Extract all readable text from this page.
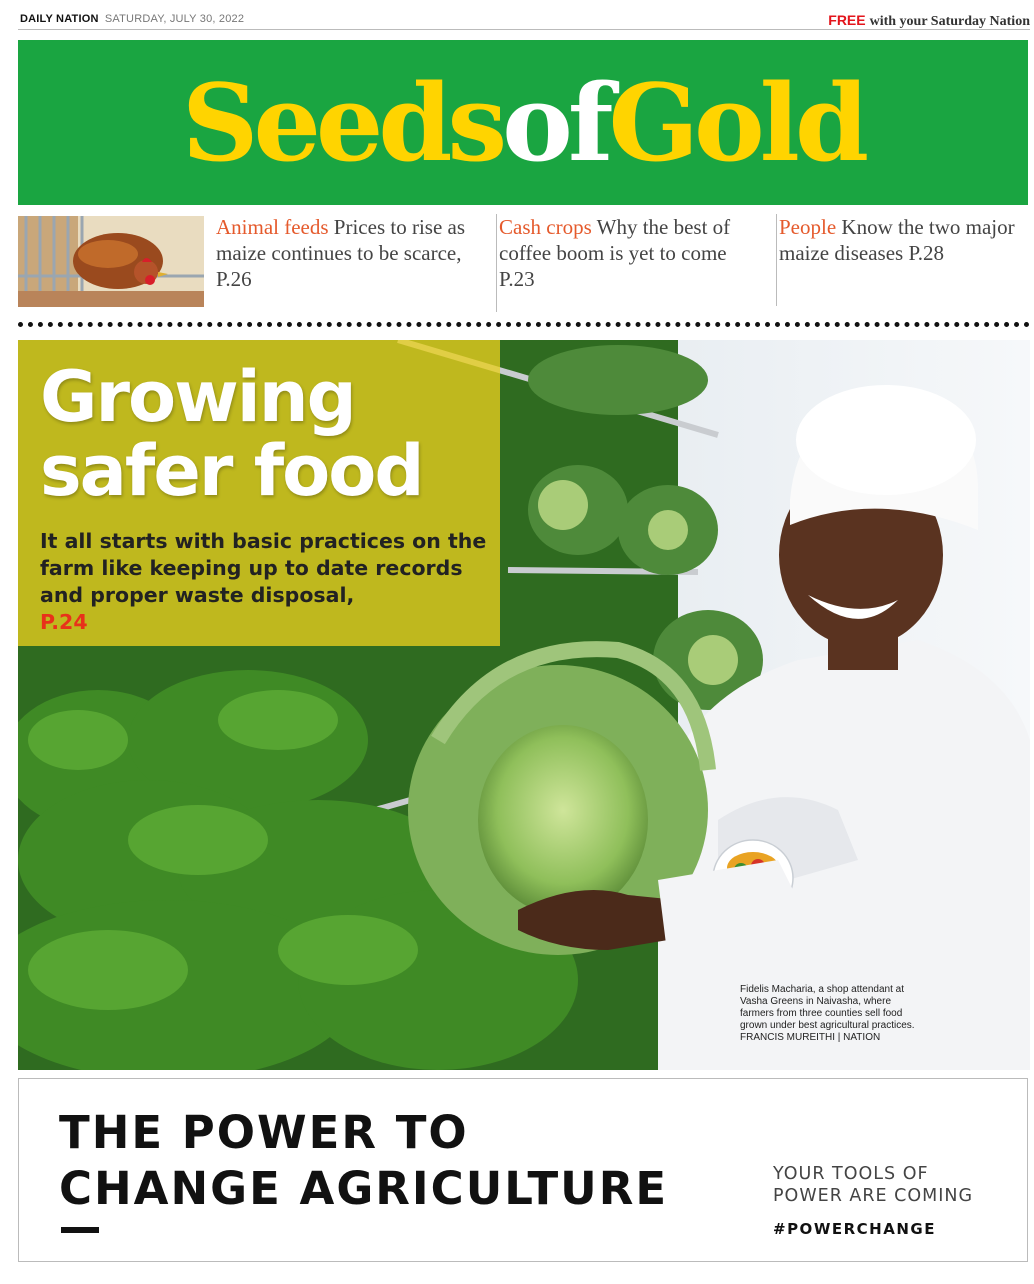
DAILY NATION SATURDAY, JULY 30, 2022	FREE with your Saturday Nation
SeedsofGold
Animal feeds Prices to rise as maize continues to be scarce, P.26
Cash crops Why the best of coffee boom is yet to come P.23
People Know the two major maize diseases P.28
Growing
safer food
It all starts with basic practices on the farm like keeping up to date records and proper waste disposal,
P.24
Fidelis Macharia, a shop attendant at Vasha Greens in Naivasha, where farmers from three counties sell food grown under best agricultural practices. FRANCIS MUREITHI | NATION
THE POWER TO
CHANGE AGRICULTURE	YOUR TOOLS OF
POWER ARE COMING
#POWERCHANGE
